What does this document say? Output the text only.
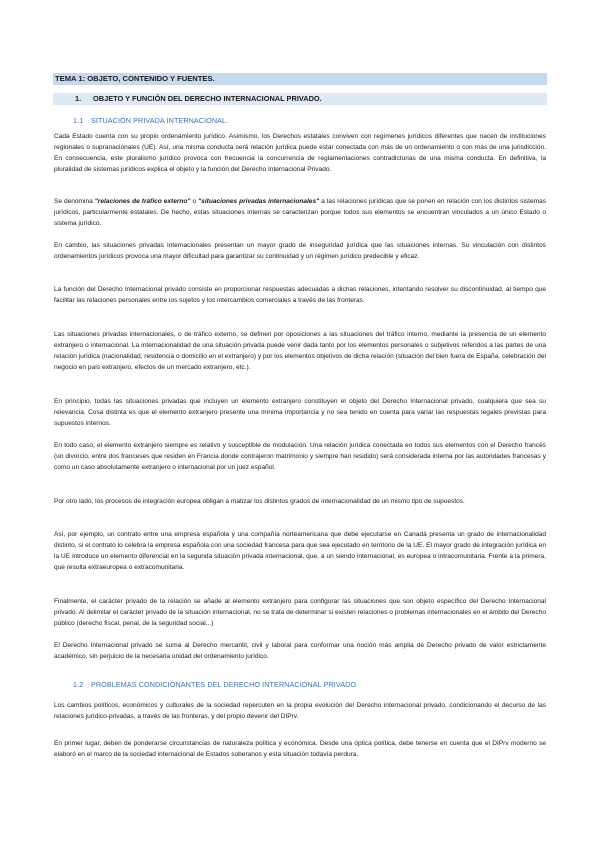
TEMA 1: OBJETO, CONTENIDO Y FUENTES.
1. OBJETO Y FUNCIÓN DEL DERECHO INTERNACIONAL PRIVADO.
1.1 SITUACIÓN PRIVADA INTERNACIONAL.

Cada Estado cuenta con su propio ordenamiento jurídico. Asimismo, los Derechos estatales conviven con regímenes jurídicos diferentes que nacen de instituciones regionales o supranacionales (UE). Así, una misma conducta será relación jurídica puede estar conectada con más de un ordenamiento o con más de una jurisdicción. En consecuencia, este pluralismo jurídico provoca con frecuencia la concurrencia de reglamentaciones contradictorias de una misma conducta. En definitiva, la pluralidad de sistemas jurídicos explica el objeto y la función del Derecho Internacional Privado.

Se denomina "relaciones de tráfico externo" o "situaciones privadas internacionales" a las relaciones jurídicas que se ponen en relación con los distintos sistemas jurídicos, particularmente estatales. De hecho, estas situaciones internas se caracterizan porque todos sus elementos se encuentran vinculados a un único Estado o sistema jurídico.

En cambio, las situaciones privadas internacionales presentan un mayor grado de inseguridad jurídica que las situaciones internas. Su vinculación con distintos ordenamientos jurídicos provoca una mayor dificultad para garantizar su continuidad y un régimen jurídico predecible y eficaz.

La función del Derecho Internacional privado consiste en proporcionar respuestas adecuadas a dichas relaciones, intentando resolver su discontinuidad, al tiempo que facilitar las relaciones personales entre los sujetos y los intercambios comerciales a través de las fronteras.

Las situaciones privadas internacionales, o de tráfico externo, se definen por oposiciones a las situaciones del tráfico interno, mediante la presencia de un elemento extranjero o internacional. La internacionalidad de una situación privada puede venir dada tanto por los elementos personales o subjetivos referidos a las partes de una relación jurídica (nacionalidad, residencia o domicilio en el extranjero) y por los elementos objetivos de dicha relación (situación del bien fuera de España, celebración del negocio en país extranjero, efectos de un mercado extranjero, etc.).

En principio, todas las situaciones privadas que incluyen un elemento extranjero constituyen el objeto del Derecho Internacional privado, cualquiera que sea su relevancia. Cosa distinta es que el elemento extranjero presente una mínima importancia y no sea tenido en cuenta para variar las respuestas legales previstas para supuestos internos.

En todo caso, el elemento extranjero siempre es relativo y susceptible de modulación. Una relación jurídica conectada en todos sus elementos con el Derecho francés (un divorcio, entre dos franceses que residen en Francia donde contrajeron matrimonio y siempre han residido) será considerada interna por las autoridades francesas y como un caso absolutamente extranjero o internacional por un juez español.

Por otro lado, los procesos de integración europea obligan a matizar los distintos grados de internacionalidad de un mismo tipo de supuestos.

Así, por ejemplo, un contrato entre una empresa española y una compañía norteamericana que debe ejecutarse en Canadá presenta un grado de internacionalidad distinto, si el contrato lo celebra la empresa española con una sociedad francesa para que sea ejecutado en territorio de la UE. El mayor grado de integración jurídica en la UE introduce un elemento diferencial en la segunda situación privada internacional, que, a un siendo internacional, es europea o intracomunitaria. Frente a la primera, que resulta extraeuropea o extracomunitaria.

Finalmente, el carácter privado de la relación se añade al elemento extranjero para configurar las situaciones que son objeto específico del Derecho Internacional privado. Al delimitar el carácter privado de la situación internacional, no se trata de determinar si existen relaciones o problemas internacionales en el ámbito del Derecho público (derecho fiscal, penal, de la seguridad social...)

El Derecho Internacional privado se suma al Derecho mercantil, civil y laboral para conformar una noción más amplia de Derecho privado de valor estrictamente académico, sin perjuicio de la necesaria unidad del ordenamiento jurídico.

1.2 PROBLEMAS CONDICIONANTES DEL DERECHO INTERNACIONAL PRIVADO.

Los cambios políticos, económicos y culturales de la sociedad repercuten en la propia evolución del Derecho internacional privado, condicionando el decurso de las relaciones jurídico-privadas, a través de las fronteras, y del propio devenir del DIPrv.

En primer lugar, deben de ponderarse circunstancias de naturaleza política y económica. Desde una óptica política, debe tenerse en cuenta que el DIPrv moderno se elaboró en el marco de la sociedad internacional de Estados soberanos y esta situación todavía perdura.
